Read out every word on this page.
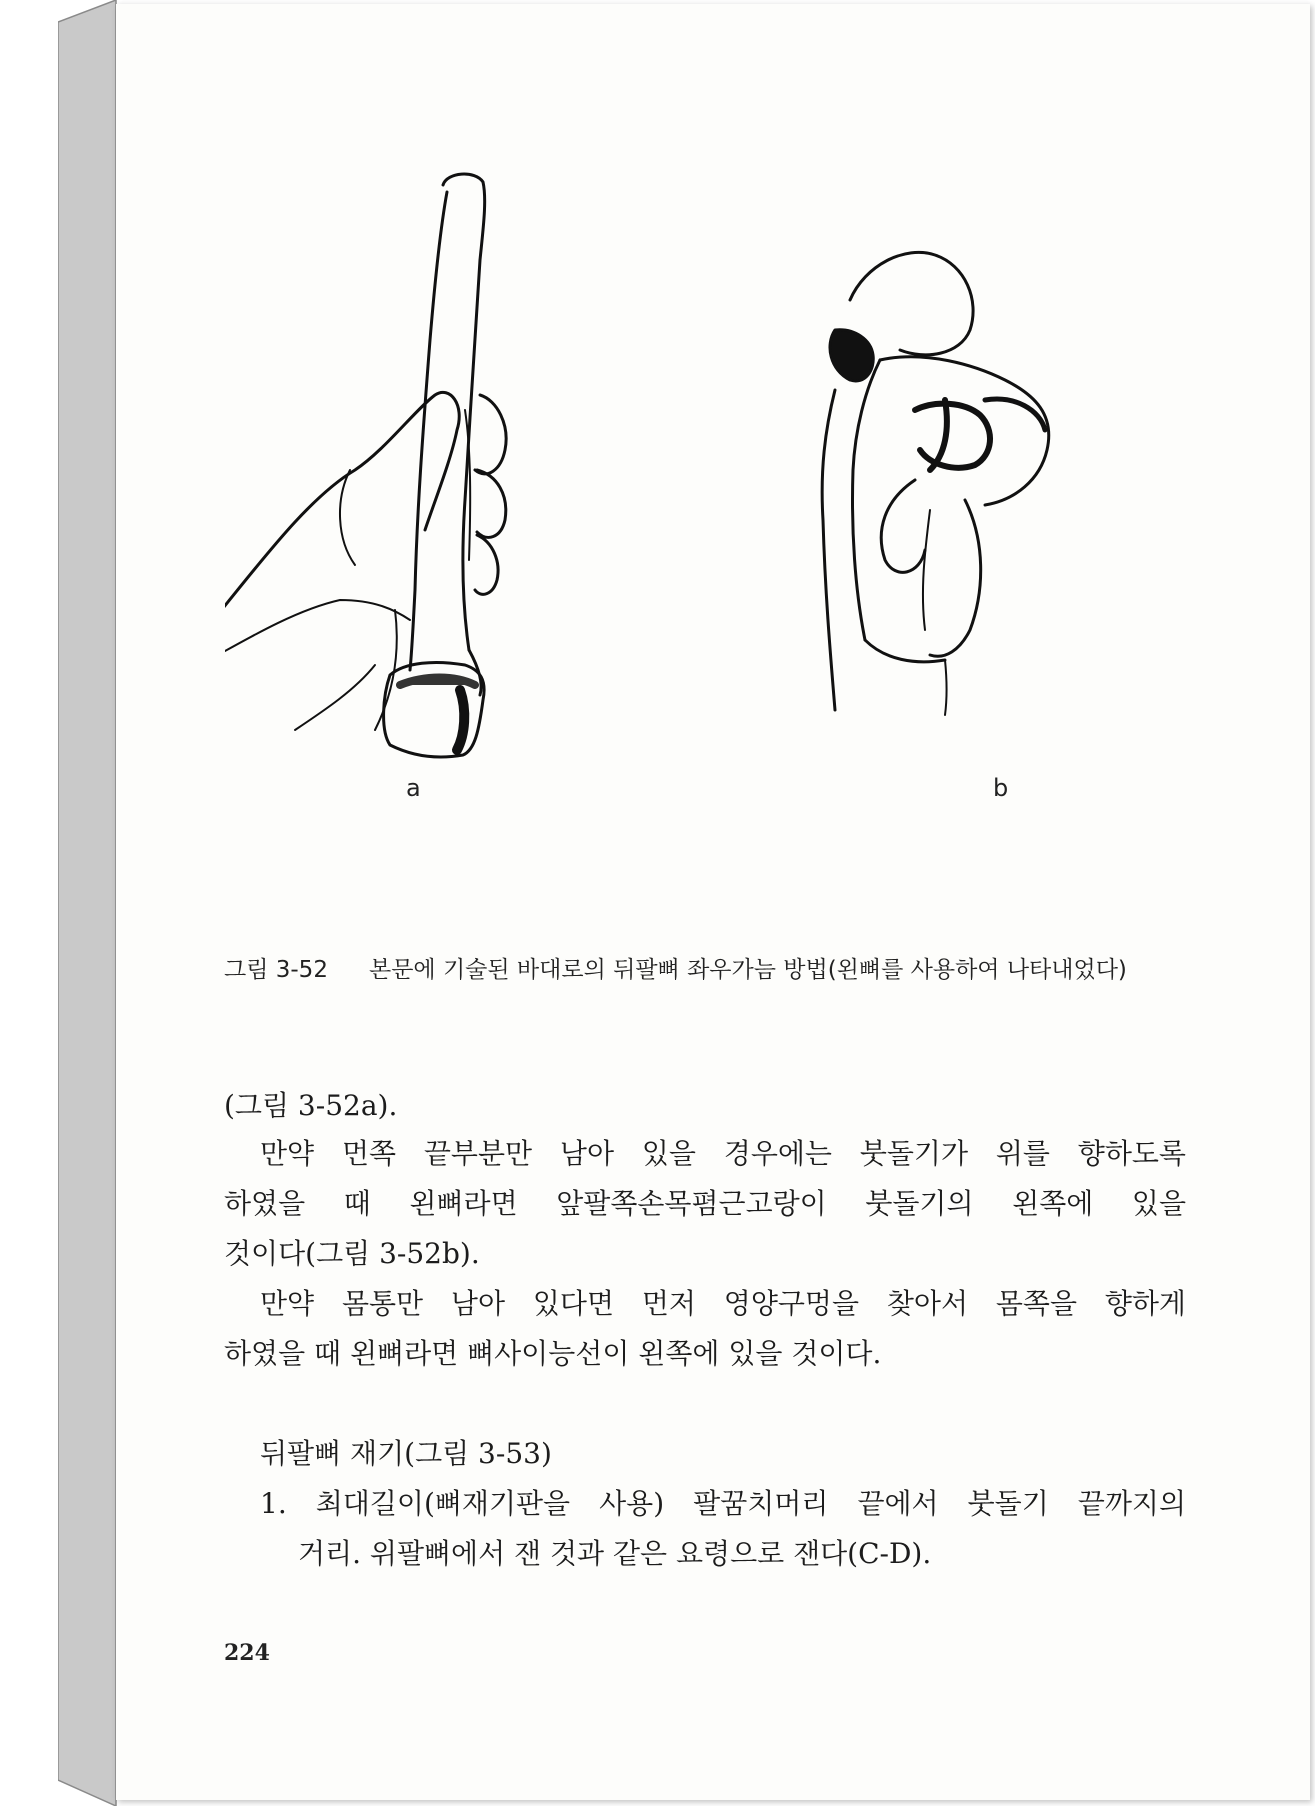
a	b
그림 3-52 본문에 기술된 바대로의 뒤팔뼈 좌우가늠 방법(왼뼈를 사용하여 나타내었다)
(그림 3-52a).
만약 먼쪽 끝부분만 남아 있을 경우에는 붓돌기가 위를 향하도록
하였을 때 왼뼈라면 앞팔쪽손목폄근고랑이 붓돌기의 왼쪽에 있을
것이다(그림 3-52b).
만약 몸통만 남아 있다면 먼저 영양구멍을 찾아서 몸쪽을 향하게
하였을 때 왼뼈라면 뼈사이능선이 왼쪽에 있을 것이다.
뒤팔뼈 재기(그림 3-53)
1. 최대길이(뼈재기판을 사용) 팔꿈치머리 끝에서 붓돌기 끝까지의
거리. 위팔뼈에서 잰 것과 같은 요령으로 잰다(C-D).
224
